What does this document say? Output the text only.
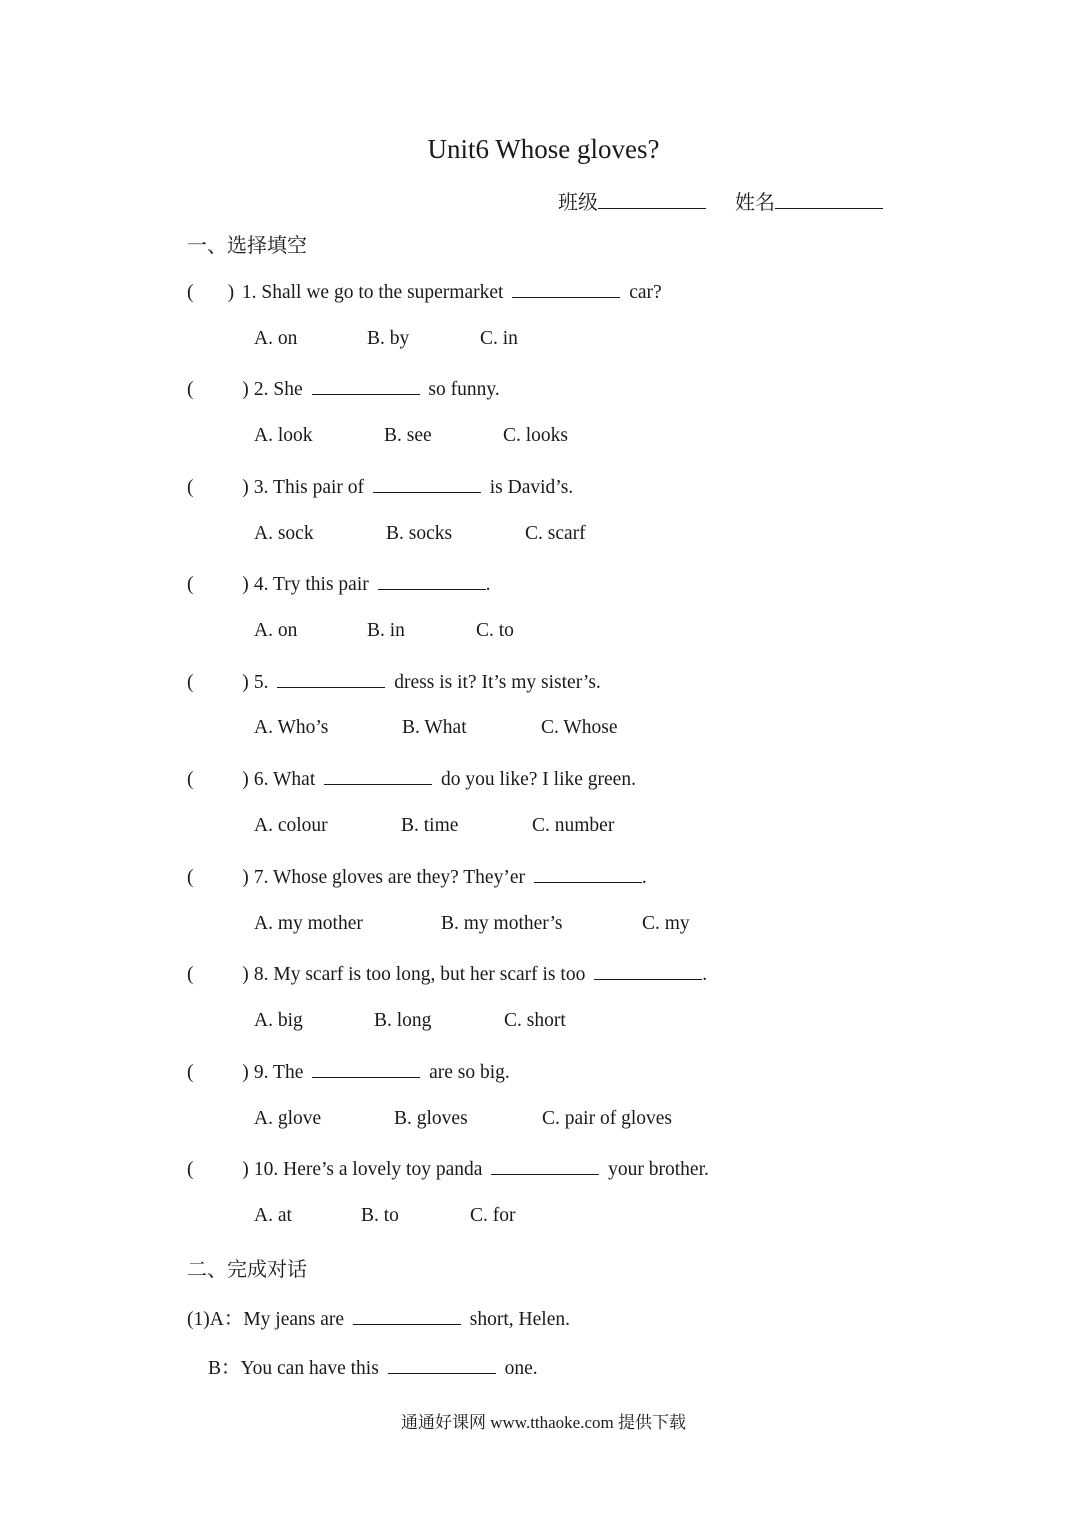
Unit6 Whose gloves?
班级	姓名
一、选择填空
(       ) 1. Shall we go to the supermarket	car?
A. on	B. by	C. in
(          ) 2. She	so funny.
A. look	B. see	C. looks
(          ) 3. This pair of	is David’s.
A. sock	B. socks	C. scarf
(          ) 4. Try this pair	.
A. on	B. in	C. to
(          ) 5.	dress is it? It’s my sister’s.
A. Who’s	B. What	C. Whose
(          ) 6. What	do you like? I like green.
A. colour	B. time	C. number
(          ) 7. Whose gloves are they? They’er	.
A. my mother	B. my mother’s	C. my
(          ) 8. My scarf is too long, but her scarf is too	.
A. big	B. long	C. short
(          ) 9. The	are so big.
A. glove	B. gloves	C. pair of gloves
(          ) 10. Here’s a lovely toy panda	your brother.
A. at	B. to	C. for
二、完成对话
(1)A：My jeans are	short, Helen.
B：You can have this	one.
通通好课网 www.tthaoke.com 提供下载
